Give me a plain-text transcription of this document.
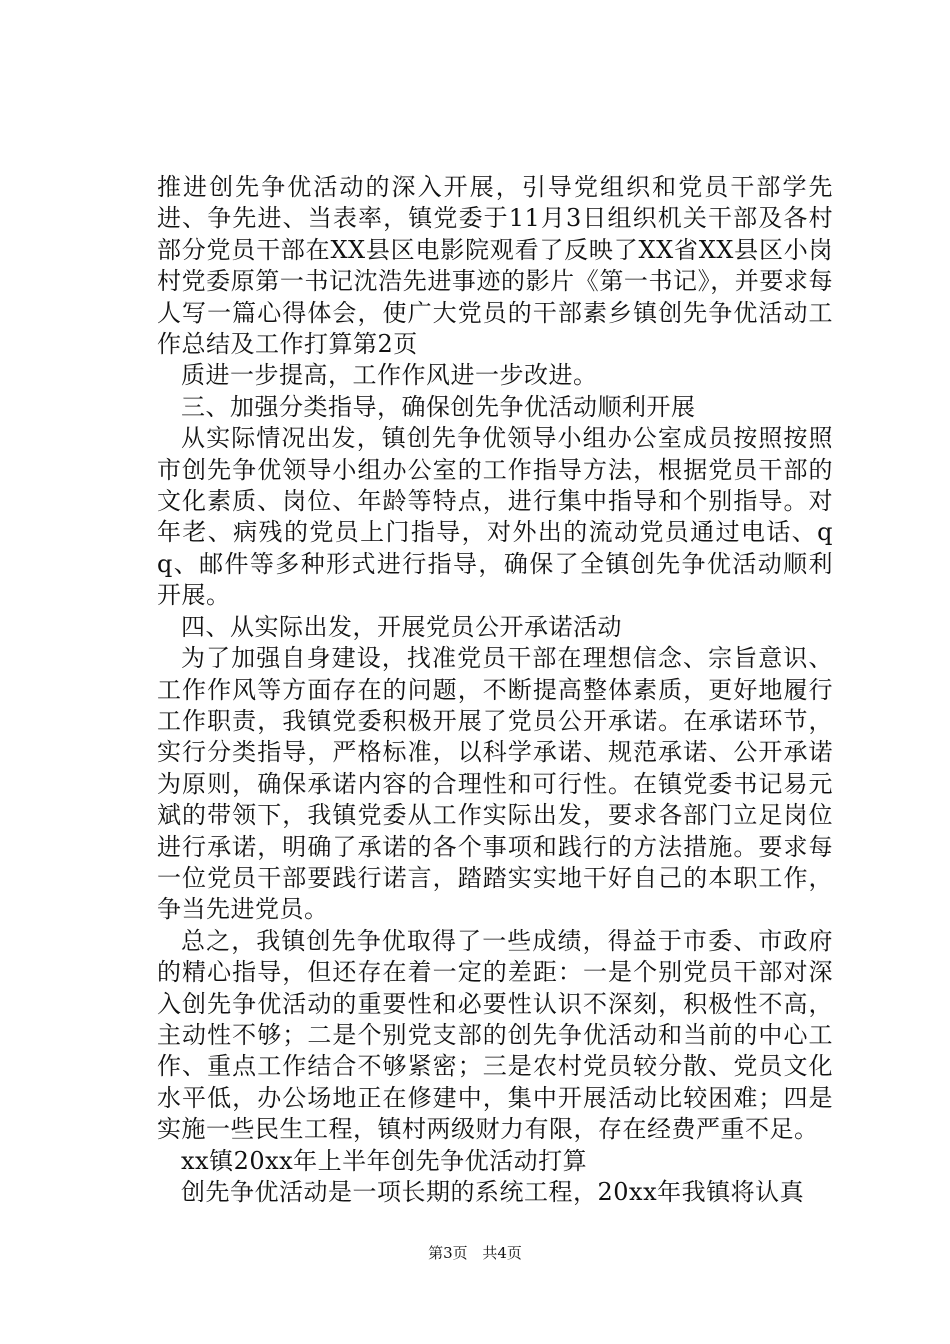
推进创先争优活动的深入开展，引导党组织和党员干部学先进、争先进、当表率，镇党委于11月3日组织机关干部及各村部分党员干部在XX县区电影院观看了反映了XX省XX县区小岗村党委原第一书记沈浩先进事迹的影片《第一书记》，并要求每人写一篇心得体会，使广大党员的干部素乡镇创先争优活动工作总结及工作打算第2页

质进一步提高，工作作风进一步改进。

三、加强分类指导，确保创先争优活动顺利开展

从实际情况出发，镇创先争优领导小组办公室成员按照按照市创先争优领导小组办公室的工作指导方法，根据党员干部的文化素质、岗位、年龄等特点，进行集中指导和个别指导。对年老、病残的党员上门指导，对外出的流动党员通过电话、qq、邮件等多种形式进行指导，确保了全镇创先争优活动顺利开展。

四、从实际出发，开展党员公开承诺活动

为了加强自身建设，找准党员干部在理想信念、宗旨意识、工作作风等方面存在的问题，不断提高整体素质，更好地履行工作职责，我镇党委积极开展了党员公开承诺。在承诺环节，实行分类指导，严格标准，以科学承诺、规范承诺、公开承诺为原则，确保承诺内容的合理性和可行性。在镇党委书记易元斌的带领下，我镇党委从工作实际出发，要求各部门立足岗位进行承诺，明确了承诺的各个事项和践行的方法措施。要求每一位党员干部要践行诺言，踏踏实实地干好自己的本职工作，争当先进党员。

总之，我镇创先争优取得了一些成绩，得益于市委、市政府的精心指导，但还存在着一定的差距：一是个别党员干部对深入创先争优活动的重要性和必要性认识不深刻，积极性不高，主动性不够；二是个别党支部的创先争优活动和当前的中心工作、重点工作结合不够紧密；三是农村党员较分散、党员文化水平低，办公场地正在修建中，集中开展活动比较困难；四是实施一些民生工程，镇村两级财力有限，存在经费严重不足。

xx镇20xx年上半年创先争优活动打算

创先争优活动是一项长期的系统工程，20xx年我镇将认真

第3页 共4页
